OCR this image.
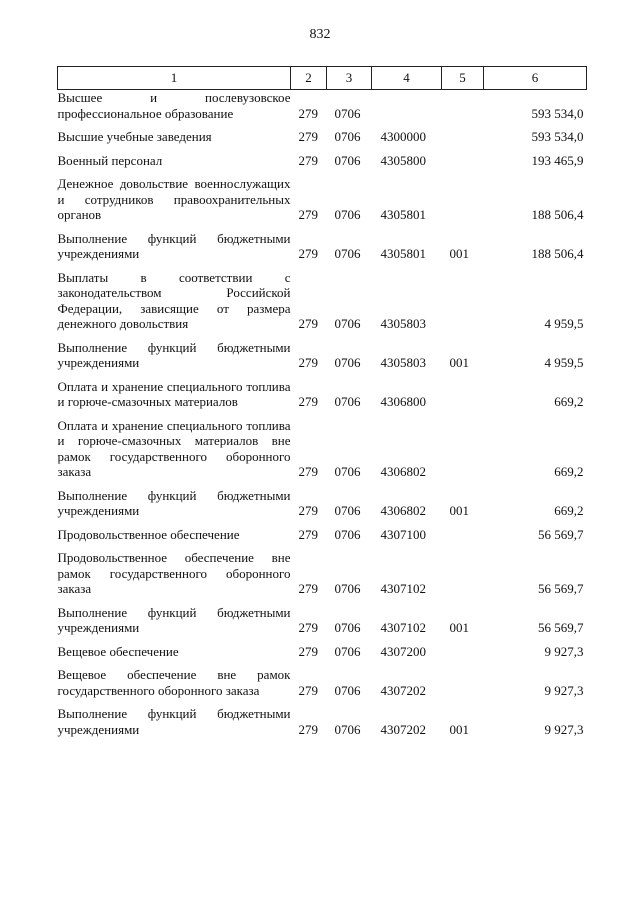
832
1	2	3	4	5	6
Высшее и послевузовское профессиональное образование	279	0706			593 534,0

Высшие учебные заведения	279	0706	4300000		593 534,0

Военный персонал	279	0706	4305800		193 465,9

Денежное довольствие военнослужащих и сотрудников правоохранительных органов	279	0706	4305801		188 506,4

Выполнение функций бюджетными учреждениями	279	0706	4305801	001	188 506,4

Выплаты в соответствии с законодательством Российской Федерации, зависящие от размера денежного довольствия	279	0706	4305803		4 959,5

Выполнение функций бюджетными учреждениями	279	0706	4305803	001	4 959,5

Оплата и хранение специального топлива и горюче-смазочных материалов	279	0706	4306800		669,2

Оплата и хранение специального топлива и горюче-смазочных материалов вне рамок государственного оборонного заказа	279	0706	4306802		669,2

Выполнение функций бюджетными учреждениями	279	0706	4306802	001	669,2

Продовольственное обеспечение	279	0706	4307100		56 569,7

Продовольственное обеспечение вне рамок государственного оборонного заказа	279	0706	4307102		56 569,7

Выполнение функций бюджетными учреждениями	279	0706	4307102	001	56 569,7

Вещевое обеспечение	279	0706	4307200		9 927,3

Вещевое обеспечение вне рамок государственного оборонного заказа	279	0706	4307202		9 927,3

Выполнение функций бюджетными учреждениями	279	0706	4307202	001	9 927,3
